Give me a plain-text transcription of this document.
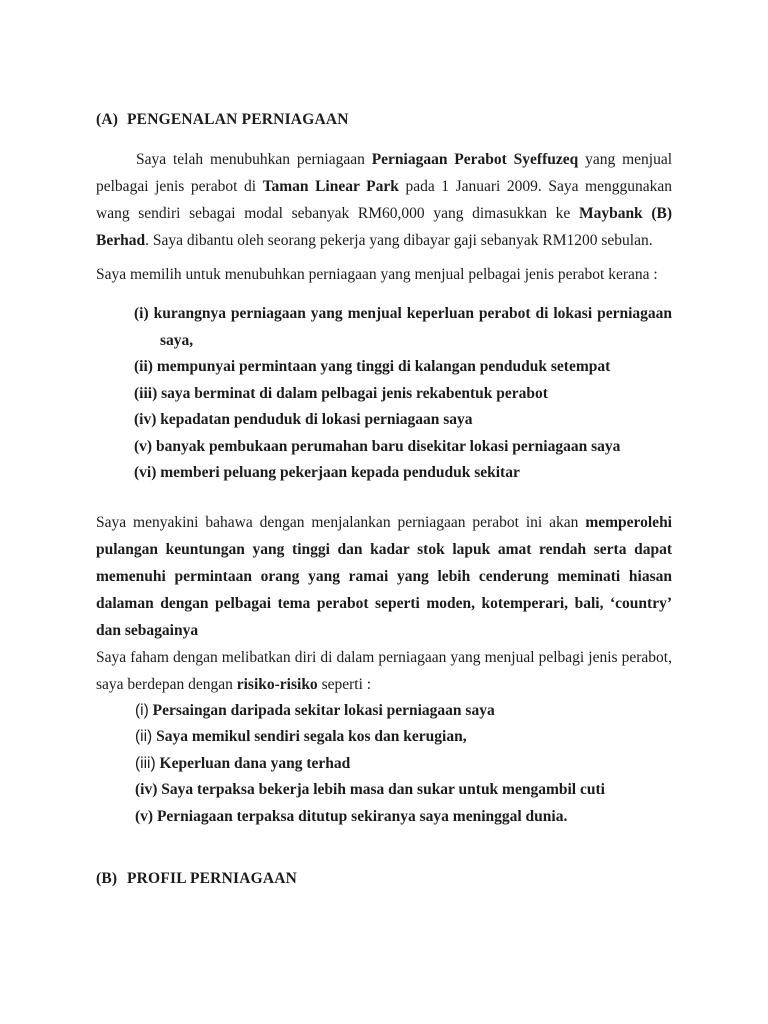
(A) PENGENALAN PERNIAGAAN

Saya telah menubuhkan perniagaan Perniagaan Perabot Syeffuzeq yang menjual pelbagai jenis perabot di Taman Linear Park pada 1 Januari 2009. Saya menggunakan wang sendiri sebagai modal sebanyak RM60,000 yang dimasukkan ke Maybank (B) Berhad. Saya dibantu oleh seorang pekerja yang dibayar gaji sebanyak RM1200 sebulan.

Saya memilih untuk menubuhkan perniagaan yang menjual pelbagai jenis perabot kerana :

(i) kurangnya perniagaan yang menjual keperluan perabot di lokasi perniagaan saya,
(ii) mempunyai permintaan yang tinggi di kalangan penduduk setempat
(iii) saya berminat di dalam pelbagai jenis rekabentuk perabot
(iv) kepadatan penduduk di lokasi perniagaan saya
(v) banyak pembukaan perumahan baru disekitar lokasi perniagaan saya
(vi) memberi peluang pekerjaan kepada penduduk sekitar

Saya menyakini bahawa dengan menjalankan perniagaan perabot ini akan memperolehi pulangan keuntungan yang tinggi dan kadar stok lapuk amat rendah serta dapat memenuhi permintaan orang yang ramai yang lebih cenderung meminati hiasan dalaman dengan pelbagai tema perabot seperti moden, kotemperari, bali, ‘country’ dan sebagainya
Saya faham dengan melibatkan diri di dalam perniagaan yang menjual pelbagi jenis perabot, saya berdepan dengan risiko-risiko seperti :

(i) Persaingan daripada sekitar lokasi perniagaan saya
(ii) Saya memikul sendiri segala kos dan kerugian,
(iii) Keperluan dana yang terhad
(iv) Saya terpaksa bekerja lebih masa dan sukar untuk mengambil cuti
(v) Perniagaan terpaksa ditutup sekiranya saya meninggal dunia.
(B) PROFIL PERNIAGAAN
